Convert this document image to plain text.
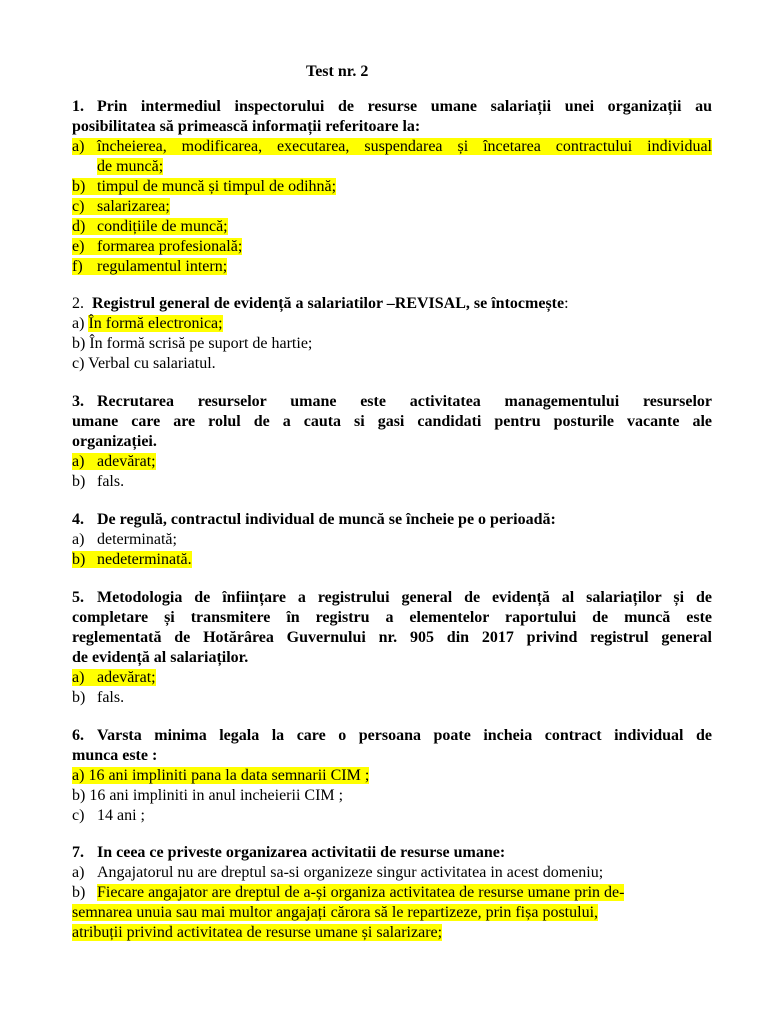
Test nr. 2
1. Prin intermediul inspectorului de resurse umane salariații unei organizații au
posibilitatea să primească informații referitoare la:
a) încheierea, modificarea, executarea, suspendarea și încetarea contractului individual
de muncă;
b) timpul de muncă și timpul de odihnă;
c) salarizarea;
d) condițiile de muncă;
e) formarea profesională;
f) regulamentul intern;
2. Registrul general de evidență a salariatilor –REVISAL, se întocmește:
a) În formă electronica;
b) În formă scrisă pe suport de hartie;
c) Verbal cu salariatul.
3. Recrutarea resurselor umane este activitatea managementului resurselor
umane care are rolul de a cauta si gasi candidati pentru posturile vacante ale
organizației.
a) adevărat;
b) fals.
4. De regulă, contractul individual de muncă se încheie pe o perioadă:
a) determinată;
b) nedeterminată.
5. Metodologia de înființare a registrului general de evidență al salariaților și de
completare și transmitere în registru a elementelor raportului de muncă este
reglementată de Hotărârea Guvernului nr. 905 din 2017 privind registrul general
de evidență al salariaților.
a) adevărat;
b) fals.
6. Varsta minima legala la care o persoana poate incheia contract individual de
munca este :
a) 16 ani impliniti pana la data semnarii CIM ;
b) 16 ani impliniti in anul incheierii CIM ;
c) 14 ani ;
7. In ceea ce priveste organizarea activitatii de resurse umane:
a) Angajatorul nu are dreptul sa-si organizeze singur activitatea in acest domeniu;
b) Fiecare angajator are dreptul de a-și organiza activitatea de resurse umane prin de-
semnarea unuia sau mai multor angajați cărora să le repartizeze, prin fișa postului,
atribuții privind activitatea de resurse umane și salarizare;
